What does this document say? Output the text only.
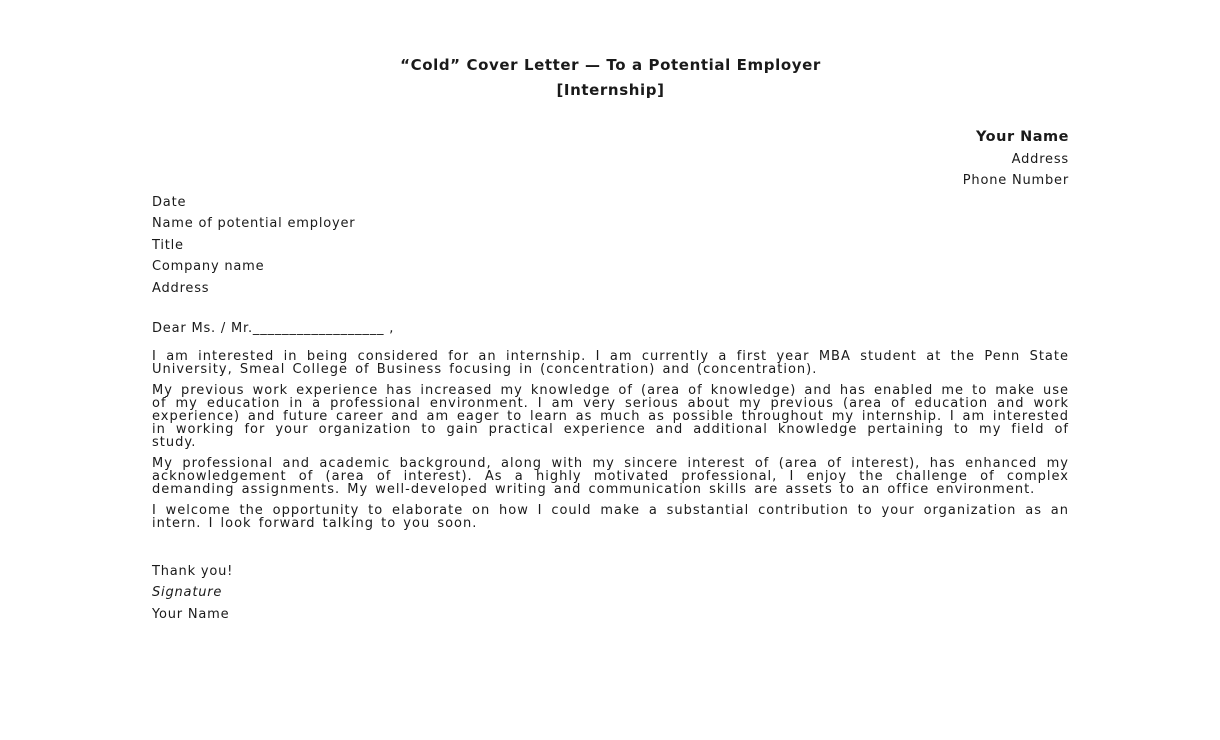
“Cold” Cover Letter — To a Potential Employer
[Internship]
Your Name
Address
Phone Number
Date
Name of potential employer
Title
Company name
Address
Dear Ms. / Mr.__________________ ,

I am interested in being considered for an internship. I am currently a first year MBA student at the Penn State University, Smeal College of Business focusing in (concentration) and (concentration).

My previous work experience has increased my knowledge of (area of knowledge) and has enabled me to make use of my education in a professional environment. I am very serious about my previous (area of education and work experience) and future career and am eager to learn as much as possible throughout my internship. I am interested in working for your organization to gain practical experience and additional knowledge pertaining to my field of study.

My professional and academic background, along with my sincere interest of (area of interest), has enhanced my acknowledgement of (area of interest). As a highly motivated professional, I enjoy the challenge of complex demanding assignments. My well-developed writing and communication skills are assets to an office environment.

I welcome the opportunity to elaborate on how I could make a substantial contribution to your organization as an intern. I look forward talking to you soon.

Thank you!
Signature
Your Name
